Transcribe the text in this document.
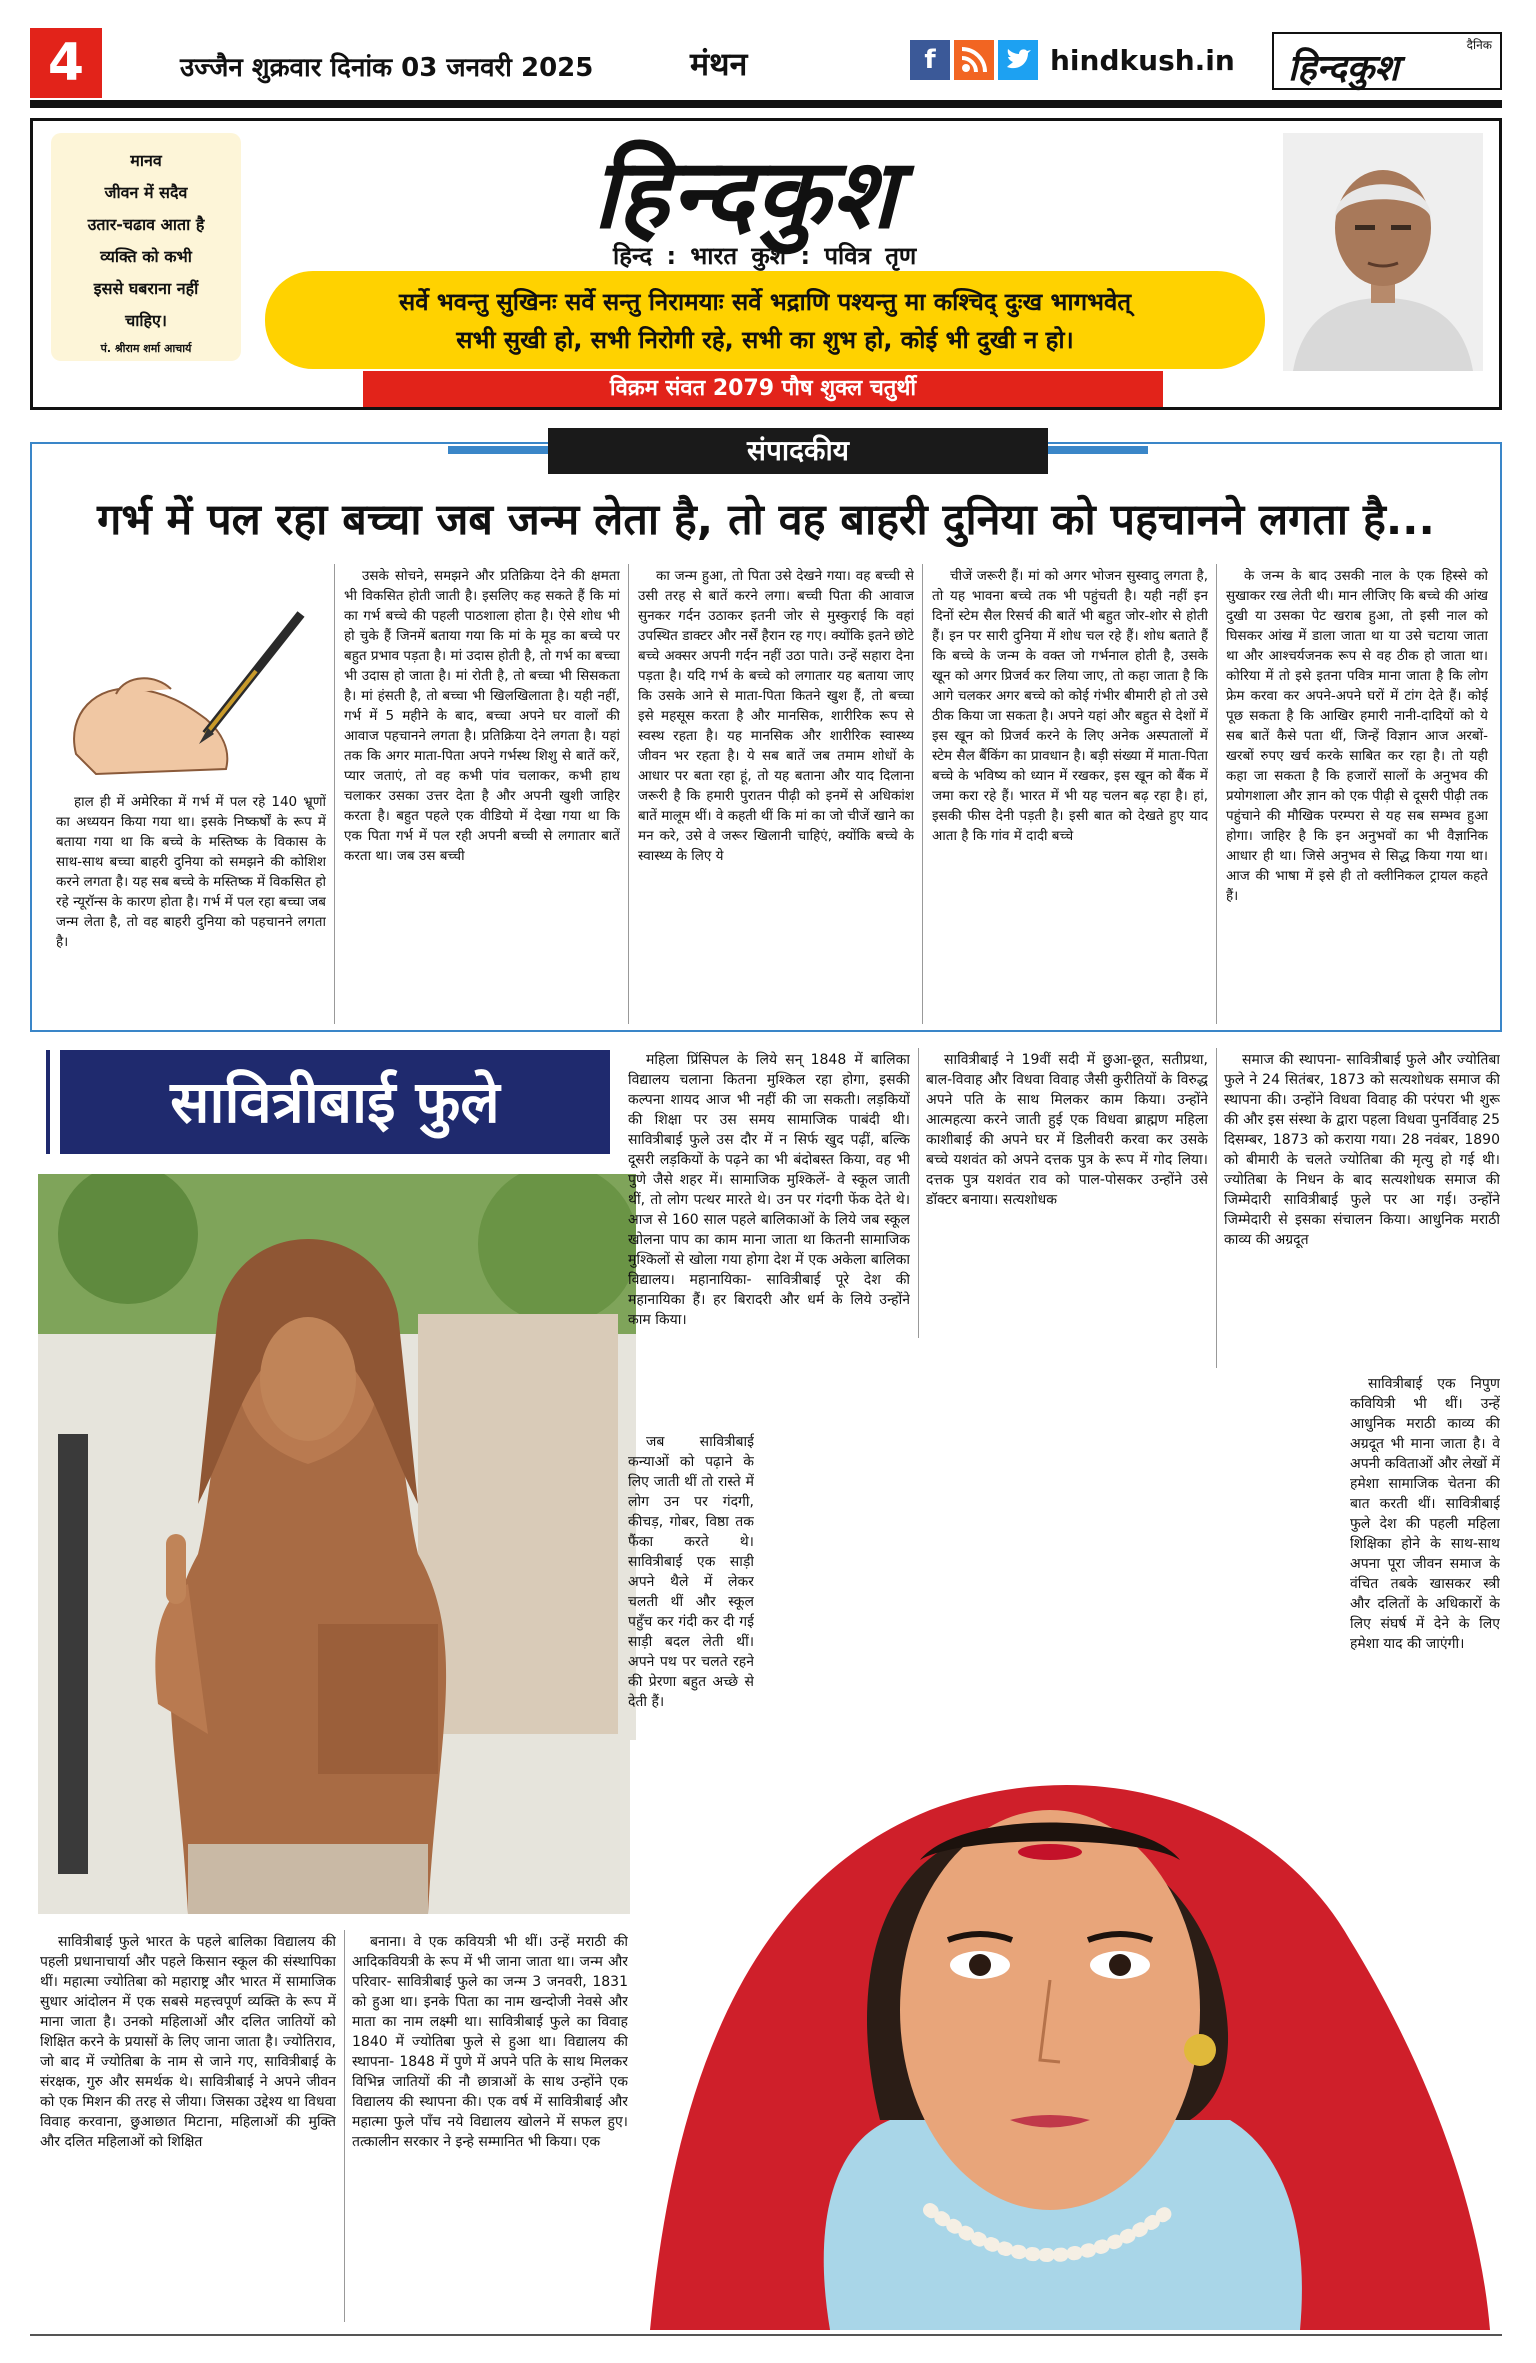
4	उज्जैन शुक्रवार दिनांक 03 जनवरी 2025	मंथन	f	hindkush.in	दैनिक
हिन्दकुश
मानव
जीवन में सदैव
उतार-चढाव आता है
व्यक्ति को कभी
इससे घबराना नहीं
चाहिए।
पं. श्रीराम शर्मा आचार्य
हिन्दकुश
हिन्द : भारत कुश : पवित्र तृण
सर्वे भवन्तु सुखिनः सर्वे सन्तु निरामयाः सर्वे भद्राणि पश्यन्तु मा कश्चिद् दुःख भागभवेत्
सभी सुखी हो, सभी निरोगी रहे, सभी का शुभ हो, कोई भी दुखी न हो।
विक्रम संवत 2079 पौष शुक्ल चतुर्थी
संपादकीय
गर्भ में पल रहा बच्चा जब जन्म लेता है, तो वह बाहरी दुनिया को पहचानने लगता है...

हाल ही में अमेरिका में गर्भ में पल रहे 140 भ्रूणों का अध्ययन किया गया था। इसके निष्कर्षों के रूप में बताया गया था कि बच्चे के मस्तिष्क के विकास के साथ-साथ बच्चा बाहरी दुनिया को समझने की कोशिश करने लगता है। यह सब बच्चे के मस्तिष्क में विकसित हो रहे न्यूरॉन्स के कारण होता है। गर्भ में पल रहा बच्चा जब जन्म लेता है, तो वह बाहरी दुनिया को पहचानने लगता है।

उसके सोचने, समझने और प्रतिक्रिया देने की क्षमता भी विकसित होती जाती है। इसलिए कह सकते हैं कि मां का गर्भ बच्चे की पहली पाठशाला होता है। ऐसे शोध भी हो चुके हैं जिनमें बताया गया कि मां के मूड का बच्चे पर बहुत प्रभाव पड़ता है। मां उदास होती है, तो गर्भ का बच्चा भी उदास हो जाता है। मां रोती है, तो बच्चा भी सिसकता है। मां हंसती है, तो बच्चा भी खिलखिलाता है। यही नहीं, गर्भ में 5 महीने के बाद, बच्चा अपने घर वालों की आवाज पहचानने लगता है। प्रतिक्रिया देने लगता है। यहां तक कि अगर माता-पिता अपने गर्भस्थ शिशु से बातें करें, प्यार जताएं, तो वह कभी पांव चलाकर, कभी हाथ चलाकर उसका उत्तर देता है और अपनी खुशी जाहिर करता है। बहुत पहले एक वीडियो में देखा गया था कि एक पिता गर्भ में पल रही अपनी बच्ची से लगातार बातें करता था। जब उस बच्ची

का जन्म हुआ, तो पिता उसे देखने गया। वह बच्ची से उसी तरह से बातें करने लगा। बच्ची पिता की आवाज सुनकर गर्दन उठाकर इतनी जोर से मुस्कुराई कि वहां उपस्थित डाक्टर और नर्सें हैरान रह गए। क्योंकि इतने छोटे बच्चे अक्सर अपनी गर्दन नहीं उठा पाते। उन्हें सहारा देना पड़ता है। यदि गर्भ के बच्चे को लगातार यह बताया जाए कि उसके आने से माता-पिता कितने खुश हैं, तो बच्चा इसे महसूस करता है और मानसिक, शारीरिक रूप से स्वस्थ रहता है। यह मानसिक और शारीरिक स्वास्थ्य जीवन भर रहता है। ये सब बातें जब तमाम शोधों के आधार पर बता रहा हूं, तो यह बताना और याद दिलाना जरूरी है कि हमारी पुरातन पीढ़ी को इनमें से अधिकांश बातें मालूम थीं। वे कहती थीं कि मां का जो चीजें खाने का मन करे, उसे वे जरूर खिलानी चाहिएं, क्योंकि बच्चे के स्वास्थ्य के लिए ये

चीजें जरूरी हैं। मां को अगर भोजन सुस्वादु लगता है, तो यह भावना बच्चे तक भी पहुंचती है। यही नहीं इन दिनों स्टेम सैल रिसर्च की बातें भी बहुत जोर-शोर से होती हैं। इन पर सारी दुनिया में शोध चल रहे हैं। शोध बताते हैं कि बच्चे के जन्म के वक्त जो गर्भनाल होती है, उसके खून को अगर प्रिजर्व कर लिया जाए, तो कहा जाता है कि आगे चलकर अगर बच्चे को कोई गंभीर बीमारी हो तो उसे ठीक किया जा सकता है। अपने यहां और बहुत से देशों में इस खून को प्रिजर्व करने के लिए अनेक अस्पतालों में स्टेम सैल बैंकिंग का प्रावधान है। बड़ी संख्या में माता-पिता बच्चे के भविष्य को ध्यान में रखकर, इस खून को बैंक में जमा करा रहे हैं। भारत में भी यह चलन बढ़ रहा है। हां, इसकी फीस देनी पड़ती है। इसी बात को देखते हुए याद आता है कि गांव में दादी बच्चे

के जन्म के बाद उसकी नाल के एक हिस्से को सुखाकर रख लेती थी। मान लीजिए कि बच्चे की आंख दुखी या उसका पेट खराब हुआ, तो इसी नाल को घिसकर आंख में डाला जाता था या उसे चटाया जाता था और आश्चर्यजनक रूप से वह ठीक हो जाता था। कोरिया में तो इसे इतना पवित्र माना जाता है कि लोग फ्रेम करवा कर अपने-अपने घरों में टांग देते हैं। कोई पूछ सकता है कि आखिर हमारी नानी-दादियों को ये सब बातें कैसे पता थीं, जिन्हें विज्ञान आज अरबों-खरबों रुपए खर्च करके साबित कर रहा है। तो यही कहा जा सकता है कि हजारों सालों के अनुभव की प्रयोगशाला और ज्ञान को एक पीढ़ी से दूसरी पीढ़ी तक पहुंचाने की मौखिक परम्परा से यह सब सम्भव हुआ होगा। जाहिर है कि इन अनुभवों का भी वैज्ञानिक आधार ही था। जिसे अनुभव से सिद्ध किया गया था। आज की भाषा में इसे ही तो क्लीनिकल ट्रायल कहते हैं।

सावित्रीबाई फुले

सावित्रीबाई फुले भारत के पहले बालिका विद्यालय की पहली प्रधानाचार्या और पहले किसान स्कूल की संस्थापिका थीं। महात्मा ज्योतिबा को महाराष्ट्र और भारत में सामाजिक सुधार आंदोलन में एक सबसे महत्त्वपूर्ण व्यक्ति के रूप में माना जाता है। उनको महिलाओं और दलित जातियों को शिक्षित करने के प्रयासों के लिए जाना जाता है। ज्योतिराव, जो बाद में ज्योतिबा के नाम से जाने गए, सावित्रीबाई के संरक्षक, गुरु और समर्थक थे। सावित्रीबाई ने अपने जीवन को एक मिशन की तरह से जीया। जिसका उद्देश्य था विधवा विवाह करवाना, छुआछात मिटाना, महिलाओं की मुक्ति और दलित महिलाओं को शिक्षित

बनाना। वे एक कवियत्री भी थीं। उन्हें मराठी की आदिकवियत्री के रूप में भी जाना जाता था। जन्म और परिवार- सावित्रीबाई फुले का जन्म 3 जनवरी, 1831 को हुआ था। इनके पिता का नाम खन्दोजी नेवसे और माता का नाम लक्ष्मी था। सावित्रीबाई फुले का विवाह 1840 में ज्योतिबा फुले से हुआ था। विद्यालय की स्थापना- 1848 में पुणे में अपने पति के साथ मिलकर विभिन्न जातियों की नौ छात्राओं के साथ उन्होंने एक विद्यालय की स्थापना की। एक वर्ष में सावित्रीबाई और महात्मा फुले पाँच नये विद्यालय खोलने में सफल हुए। तत्कालीन सरकार ने इन्हे सम्मानित भी किया। एक

महिला प्रिंसिपल के लिये सन् 1848 में बालिका विद्यालय चलाना कितना मुश्किल रहा होगा, इसकी कल्पना शायद आज भी नहीं की जा सकती। लड़कियों की शिक्षा पर उस समय सामाजिक पाबंदी थी। सावित्रीबाई फुले उस दौर में न सिर्फ खुद पढ़ीं, बल्कि दूसरी लड़कियों के पढ़ने का भी बंदोबस्त किया, वह भी पुणे जैसे शहर में। सामाजिक मुश्किलें- वे स्कूल जाती थीं, तो लोग पत्थर मारते थे। उन पर गंदगी फेंक देते थे। आज से 160 साल पहले बालिकाओं के लिये जब स्कूल खोलना पाप का काम माना जाता था कितनी सामाजिक मुश्किलों से खोला गया होगा देश में एक अकेला बालिका विद्यालय। महानायिका- सावित्रीबाई पूरे देश की महानायिका हैं। हर बिरादरी और धर्म के लिये उन्होंने काम किया।

जब सावित्रीबाई कन्याओं को पढ़ाने के लिए जाती थीं तो रास्ते में लोग उन पर गंदगी, कीचड़, गोबर, विष्ठा तक फैंका करते थे। सावित्रीबाई एक साड़ी अपने थैले में लेकर चलती थीं और स्कूल पहुँच कर गंदी कर दी गई साड़ी बदल लेती थीं। अपने पथ पर चलते रहने की प्रेरणा बहुत अच्छे से देती हैं।

सावित्रीबाई ने 19वीं सदी में छुआ-छूत, सतीप्रथा, बाल-विवाह और विधवा विवाह जैसी कुरीतियों के विरुद्ध अपने पति के साथ मिलकर काम किया। उन्होंने आत्महत्या करने जाती हुई एक विधवा ब्राह्मण महिला काशीबाई की अपने घर में डिलीवरी करवा कर उसके बच्चे यशवंत को अपने दत्तक पुत्र के रूप में गोद लिया। दत्तक पुत्र यशवंत राव को पाल-पोसकर उन्होंने उसे डॉक्टर बनाया। सत्यशोधक

समाज की स्थापना- सावित्रीबाई फुले और ज्योतिबा फुले ने 24 सितंबर, 1873 को सत्यशोधक समाज की स्थापना की। उन्होंने विधवा विवाह की परंपरा भी शुरू की और इस संस्था के द्वारा पहला विधवा पुनर्विवाह 25 दिसम्बर, 1873 को कराया गया। 28 नवंबर, 1890 को बीमारी के चलते ज्योतिबा की मृत्यु हो गई थी। ज्योतिबा के निधन के बाद सत्यशोधक समाज की जिम्मेदारी सावित्रीबाई फुले पर आ गई। उन्होंने जिम्मेदारी से इसका संचालन किया। आधुनिक मराठी काव्य की अग्रदूत

सावित्रीबाई एक निपुण कवियित्री भी थीं। उन्हें आधुनिक मराठी काव्य की अग्रदूत भी माना जाता है। वे अपनी कविताओं और लेखों में हमेशा सामाजिक चेतना की बात करती थीं। सावित्रीबाई फुले देश की पहली महिला शिक्षिका होने के साथ-साथ अपना पूरा जीवन समाज के वंचित तबके खासकर स्त्री और दलितों के अधिकारों के लिए संघर्ष में देने के लिए हमेशा याद की जाएंगी।
